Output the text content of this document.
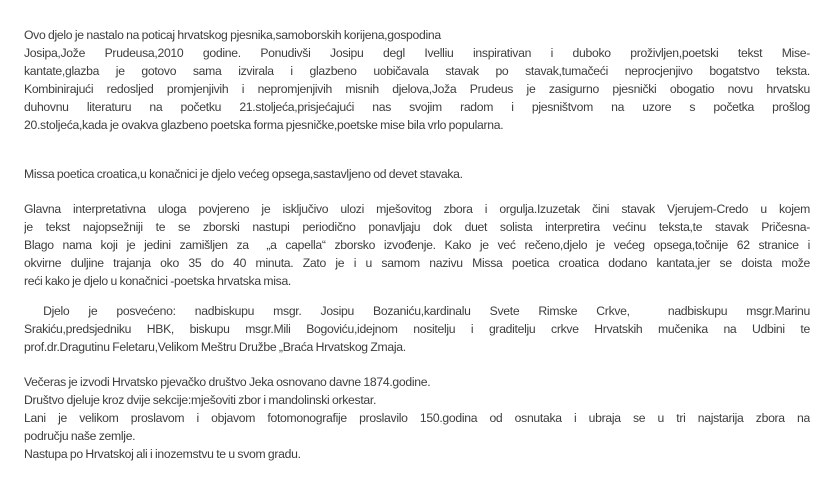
Ovo djelo je nastalo na poticaj hrvatskog pjesnika,samoborskih korijena,gospodina
Josipa,Jože Prudeusa,2010 godine. Ponudivši Josipu degl Ivelliu inspirativan i duboko proživljen,poetski tekst Mise-
kantate,glazba je gotovo sama izvirala i glazbeno uobičavala stavak po stavak,tumačeći neprocjenjivo bogatstvo teksta.
Kombinirajući redosljed promjenjivih i nepromjenjivih misnih djelova,Joža Prudeus je zasigurno pjesnički obogatio novu hrvatsku
duhovnu literaturu na početku 21.stoljeća,prisjećajući nas svojim radom i pjesništvom na uzore s početka prošlog
20.stoljeća,kada je ovakva glazbeno poetska forma pjesničke,poetske mise bila vrlo popularna.
Missa poetica croatica,u konačnici je djelo većeg opsega,sastavljeno od devet stavaka.
Glavna interpretativna uloga povjereno je isključivo ulozi mješovitog zbora i orgulja.Izuzetak čini stavak Vjerujem-Credo u kojem
je tekst najopsežniji te se zborski nastupi periodično ponavljaju dok duet solista interpretira većinu teksta,te stavak Pričesna-
Blago nama koji je jedini zamišljen za  „a capella“ zborsko izvođenje. Kako je već rečeno,djelo je većeg opsega,točnije 62 stranice i
okvirne duljine trajanja oko 35 do 40 minuta. Zato je i u samom nazivu Missa poetica croatica dodano kantata,jer se doista može
reći kako je djelo u konačnici -poetska hrvatska misa.
Djelo je posvećeno: nadbiskupu msgr. Josipu Bozaniću,kardinalu Svete Rimske Crkve,  nadbiskupu msgr.Marinu
Srakiću,predsjedniku HBK, biskupu msgr.Mili Bogoviću,idejnom nositelju i graditelju crkve Hrvatskih mučenika na Udbini te
prof.dr.Dragutinu Feletaru,Velikom Meštru Družbe „Braća Hrvatskog Zmaja.
Večeras je izvodi Hrvatsko pjevačko društvo Jeka osnovano davne 1874.godine.
Društvo djeluje kroz dvije sekcije:mješoviti zbor i mandolinski orkestar.
Lani je velikom proslavom i objavom fotomonografije proslavilo 150.godina od osnutaka i ubraja se u tri najstarija zbora na
području naše zemlje.
Nastupa po Hrvatskoj ali i inozemstvu te u svom gradu.
